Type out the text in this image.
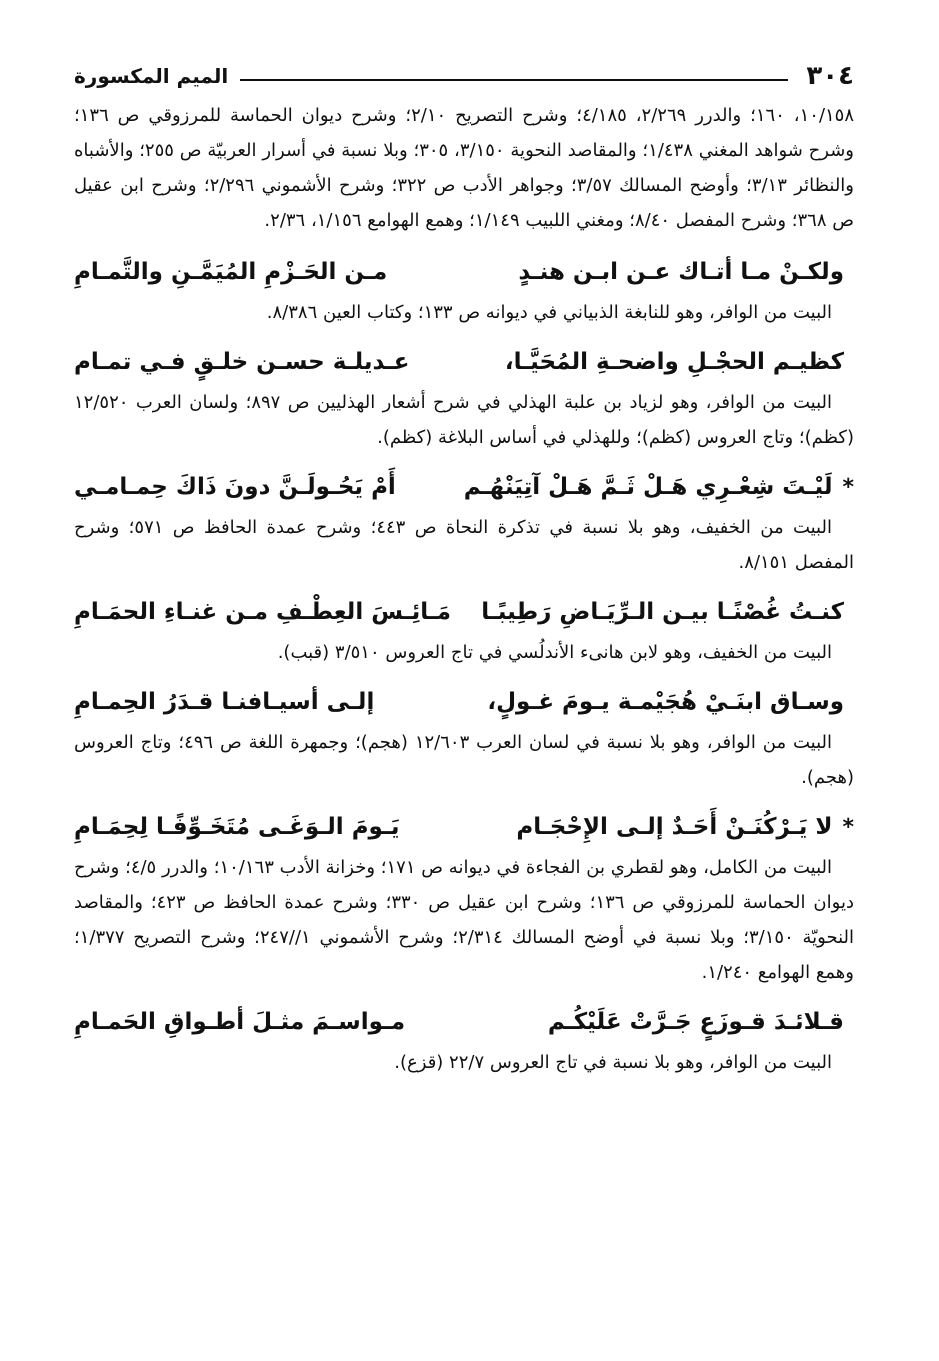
٣٠٤
الميم المكسورة

١٠/١٥٨، ١٦٠؛ والدرر ٢/٢٦٩، ٤/١٨٥؛ وشرح التصريح ٢/١٠؛ وشرح ديوان الحماسة للمرزوقي ص ١٣٦؛ وشرح شواهد المغني ١/٤٣٨؛ والمقاصد النحوية ٣/١٥٠، ٣٠٥؛ وبلا نسبة في أسرار العربيّة ص ٢٥٥؛ والأشباه والنظائر ٣/١٣؛ وأوضح المسالك ٣/٥٧؛ وجواهر الأدب ص ٣٢٢؛ وشرح الأشموني ٢/٢٩٦؛ وشرح ابن عقيل ص ٣٦٨؛ وشرح المفصل ٨/٤٠؛ ومغني اللبيب ١/١٤٩؛ وهمع الهوامع ١/١٥٦، ٢/٣٦.

ولكـنْ مـا أتـاك عـن ابـن هنـدٍ
مـن الحَـزْمِ المُيَمَّـنِ والتَّمـامِ

البيت من الوافر، وهو للنابغة الذبياني في ديوانه ص ١٣٣؛ وكتاب العين ٨/٣٨٦.

كظيـم الحجْـلِ واضحـةِ المُحَيَّـا،
عـديلـة حسـن خلـقٍ فـي تمـام

البيت من الوافر، وهو لزياد بن علبة الهذلي في شرح أشعار الهذليين ص ٨٩٧؛ ولسان العرب ١٢/٥٢٠ (كظم)؛ وتاج العروس (كظم)؛ وللهذلي في أساس البلاغة (كظم).

*لَيْـتَ شِعْـرِي هَـلْ ثَـمَّ هَـلْ آتِيَنْهُـم
أَمْ يَحُـولَـنَّ دونَ ذَاكَ حِمـامـي

البيت من الخفيف، وهو بلا نسبة في تذكرة النحاة ص ٤٤٣؛ وشرح عمدة الحافظ ص ٥٧١؛ وشرح المفصل ٨/١٥١.

كنـتُ غُصْنًـا بيـن الـرِّيَـاضِ رَطِيبًـا
مَـائِـسَ العِطْـفِ مـن غنـاءِ الحمَـامِ

البيت من الخفيف، وهو لابن هانىء الأندلُسي في تاج العروس ٣/٥١٠ (قبب).

وسـاق ابنَـيْ هُجَيْمـة يـومَ غـولٍ،
إلـى أسيـافنـا قـدَرُ الحِمـامِ

البيت من الوافر، وهو بلا نسبة في لسان العرب ١٢/٦٠٣ (هجم)؛ وجمهرة اللغة ص ٤٩٦؛ وتاج العروس (هجم).

*لا يَـرْكُنَـنْ أَحَـدٌ إلـى الإِحْجَـام
يَـومَ الـوَغَـى مُتَخَـوِّفًـا لِحِمَـامِ

البيت من الكامل، وهو لقطري بن الفجاءة في ديوانه ص ١٧١؛ وخزانة الأدب ١٠/١٦٣؛ والدرر ٤/٥؛ وشرح ديوان الحماسة للمرزوقي ص ١٣٦؛ وشرح ابن عقيل ص ٣٣٠؛ وشرح عمدة الحافظ ص ٤٢٣؛ والمقاصد النحويّة ٣/١٥٠؛ وبلا نسبة في أوضح المسالك ٢/٣١٤؛ وشرح الأشموني ١//٢٤٧؛ وشرح التصريح ١/٣٧٧؛ وهمع الهوامع ١/٢٤٠.

قـلائـدَ قـوزَعٍ جَـرَّتْ عَلَيْكُـم
مـواسـمَ مثـلَ أطـواقِ الحَمـامِ

البيت من الوافر، وهو بلا نسبة في تاج العروس ٢٢/٧ (قزع).
